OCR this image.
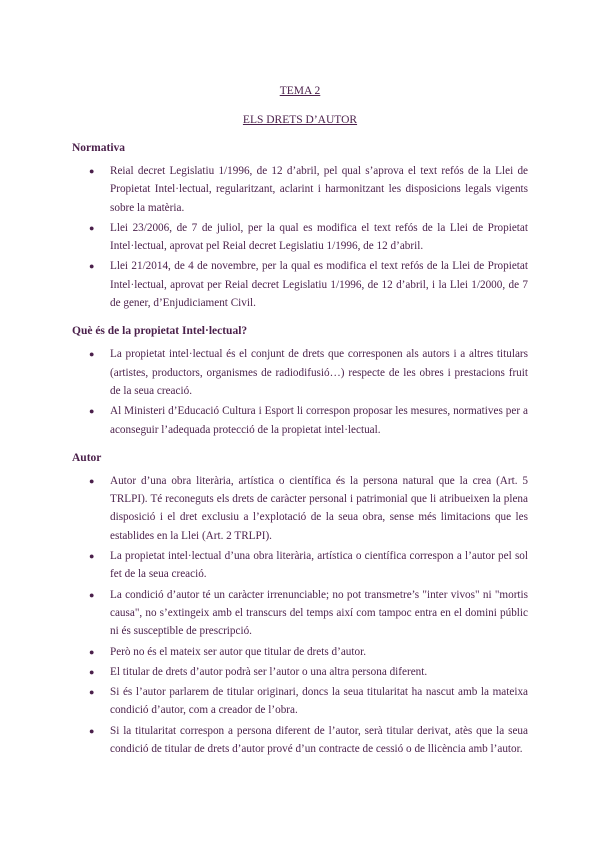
TEMA 2

ELS DRETS D’AUTOR

Normativa

● Reial decret Legislatiu 1/1996, de 12 d’abril, pel qual s’aprova el text refós de la Llei de Propietat Intel·lectual, regularitzant, aclarint i harmonitzant les disposicions legals vigents sobre la matèria.
● Llei 23/2006, de 7 de juliol, per la qual es modifica el text refós de la Llei de Propietat Intel·lectual, aprovat pel Reial decret Legislatiu 1/1996, de 12 d’abril.
● Llei 21/2014, de 4 de novembre, per la qual es modifica el text refós de la Llei de Propietat Intel·lectual, aprovat per Reial decret Legislatiu 1/1996, de 12 d’abril, i la Llei 1/2000, de 7 de gener, d’Enjudiciament Civil.

Què és de la propietat Intel·lectual?

● La propietat intel·lectual és el conjunt de drets que corresponen als autors i a altres titulars (artistes, productors, organismes de radiodifusió…) respecte de les obres i prestacions fruit de la seua creació.
● Al Ministeri d’Educació Cultura i Esport li correspon proposar les mesures, normatives per a aconseguir l’adequada protecció de la propietat intel·lectual.

Autor

● Autor d’una obra literària, artística o científica és la persona natural que la crea (Art. 5 TRLPI). Té reconeguts els drets de caràcter personal i patrimonial que li atribueixen la plena disposició i el dret exclusiu a l’explotació de la seua obra, sense més limitacions que les establides en la Llei (Art. 2 TRLPI).
● La propietat intel·lectual d’una obra literària, artística o científica correspon a l’autor pel sol fet de la seua creació.
● La condició d’autor té un caràcter irrenunciable; no pot transmetre’s "inter vivos" ni "mortis causa", no s’extingeix amb el transcurs del temps així com tampoc entra en el domini públic ni és susceptible de prescripció.
● Però no és el mateix ser autor que titular de drets d’autor.
● El titular de drets d’autor podrà ser l’autor o una altra persona diferent.
● Si és l’autor parlarem de titular originari, doncs la seua titularitat ha nascut amb la mateixa condició d’autor, com a creador de l’obra.
● Si la titularitat correspon a persona diferent de l’autor, serà titular derivat, atès que la seua condició de titular de drets d’autor prové d’un contracte de cessió o de llicència amb l’autor.
